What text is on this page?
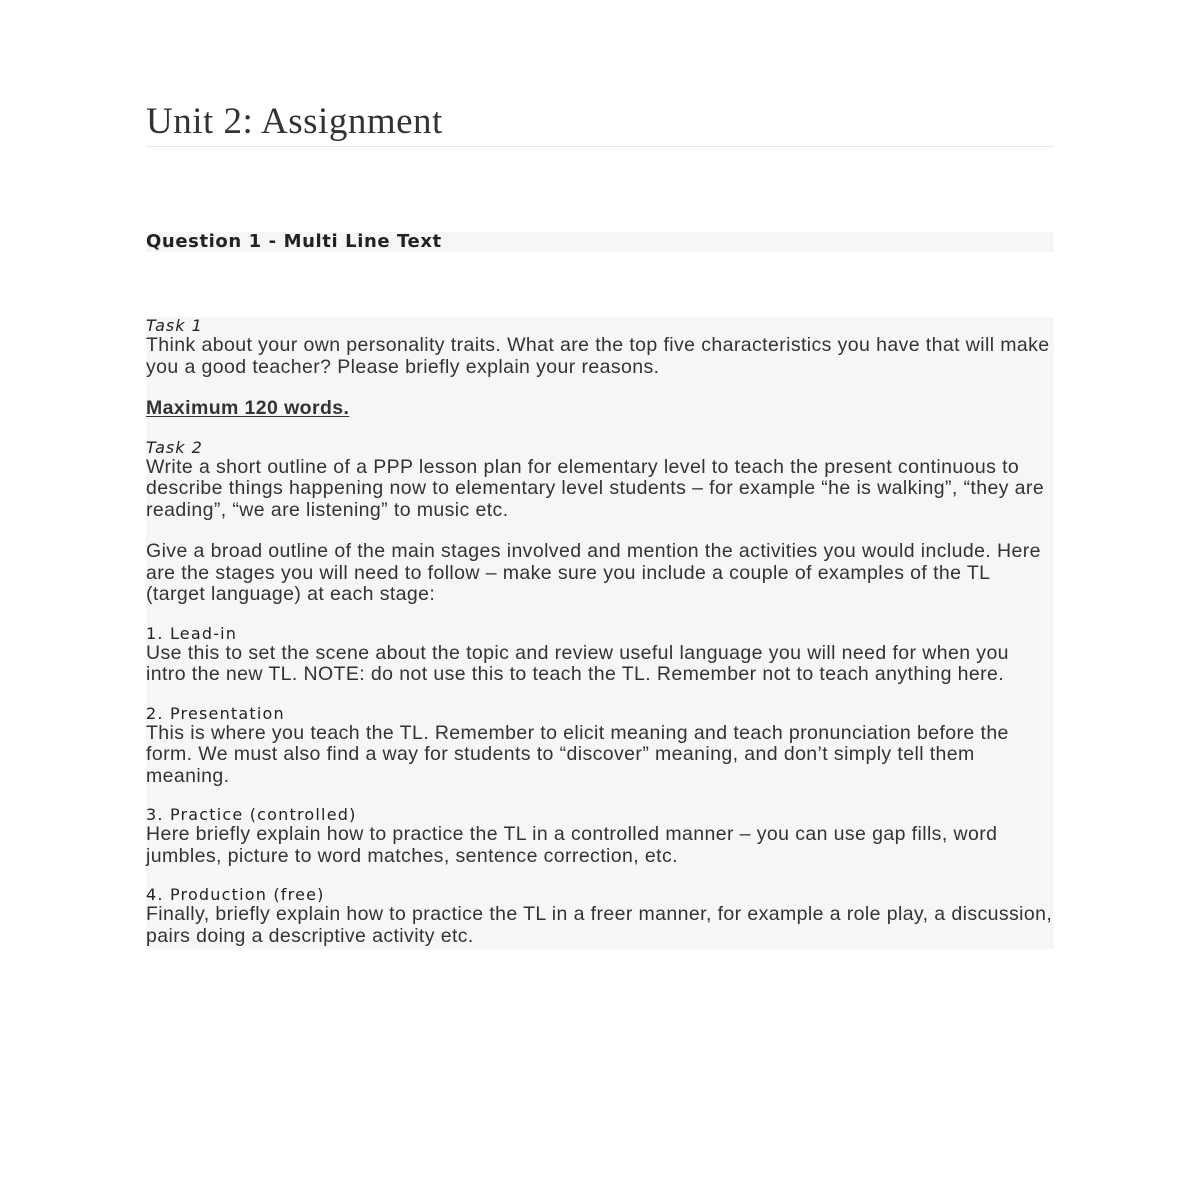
Unit 2: Assignment
Question 1 - Multi Line Text
Task 1

Think about your own personality traits. What are the top five characteristics you have that will make you a good teacher? Please briefly explain your reasons.

Maximum 120 words.
Task 2

Write a short outline of a PPP lesson plan for elementary level to teach the present continuous to describe things happening now to elementary level students – for example “he is walking”, “they are reading”, “we are listening” to music etc.

Give a broad outline of the main stages involved and mention the activities you would include. Here are the stages you will need to follow – make sure you include a couple of examples of the TL (target language) at each stage:

1. Lead-in

Use this to set the scene about the topic and review useful language you will need for when you intro the new TL. NOTE: do not use this to teach the TL. Remember not to teach anything here.

2. Presentation

This is where you teach the TL. Remember to elicit meaning and teach pronunciation before the form. We must also find a way for students to “discover” meaning, and don’t simply tell them meaning.

3. Practice (controlled)

Here briefly explain how to practice the TL in a controlled manner – you can use gap fills, word jumbles, picture to word matches, sentence correction, etc.

4. Production (free)

Finally, briefly explain how to practice the TL in a freer manner, for example a role play, a discussion, pairs doing a descriptive activity etc.
